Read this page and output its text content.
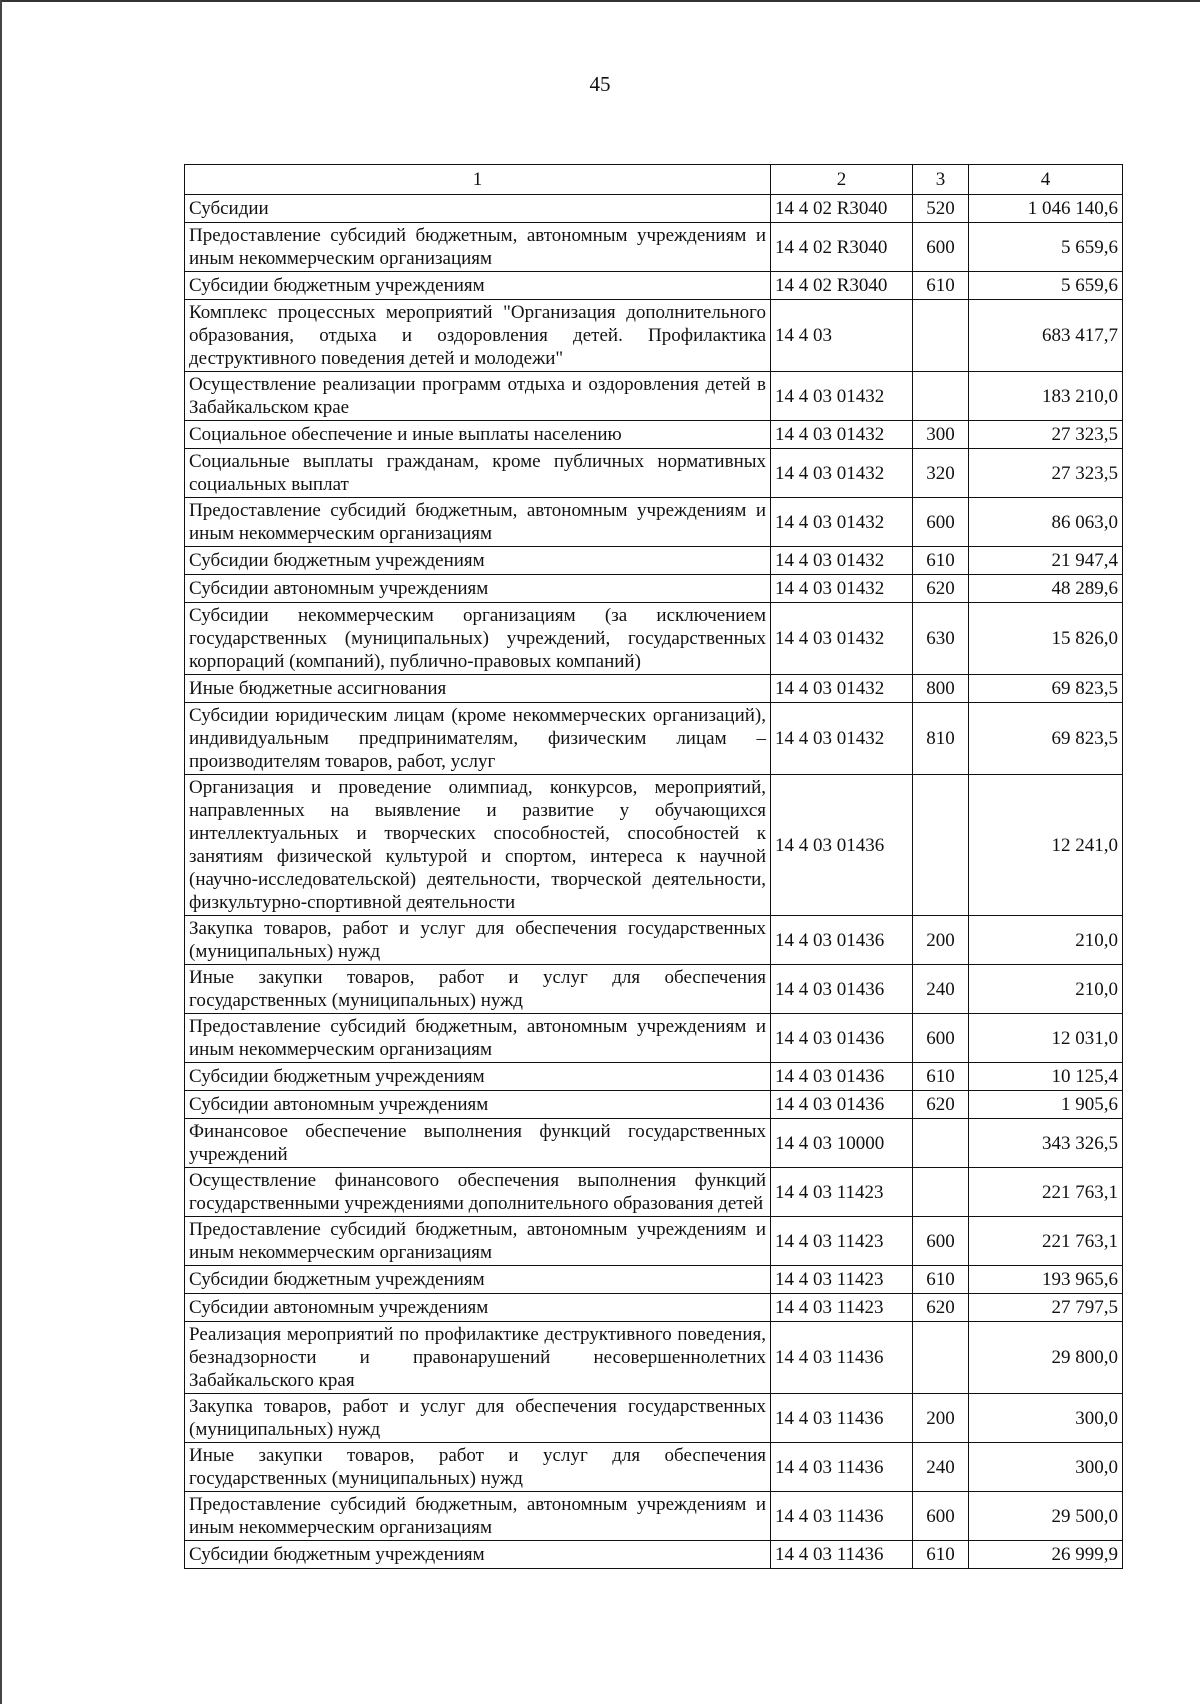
45
1	2	3	4
Субсидии	14 4 02 R3040	520	1 046 140,6
Предоставление субсидий бюджетным, автономным учреждениям и иным некоммерческим организациям	14 4 02 R3040	600	5 659,6
Субсидии бюджетным учреждениям	14 4 02 R3040	610	5 659,6
Комплекс процессных мероприятий "Организация дополнительного образования, отдыха и оздоровления детей. Профилактика деструктивного поведения детей и молодежи"	14 4 03		683 417,7
Осуществление реализации программ отдыха и оздоровления детей в Забайкальском крае	14 4 03 01432		183 210,0
Социальное обеспечение и иные выплаты населению	14 4 03 01432	300	27 323,5
Социальные выплаты гражданам, кроме публичных нормативных социальных выплат	14 4 03 01432	320	27 323,5
Предоставление субсидий бюджетным, автономным учреждениям и иным некоммерческим организациям	14 4 03 01432	600	86 063,0
Субсидии бюджетным учреждениям	14 4 03 01432	610	21 947,4
Субсидии автономным учреждениям	14 4 03 01432	620	48 289,6
Субсидии некоммерческим организациям (за исключением государственных (муниципальных) учреждений, государственных корпораций (компаний), публично-правовых компаний)	14 4 03 01432	630	15 826,0
Иные бюджетные ассигнования	14 4 03 01432	800	69 823,5
Субсидии юридическим лицам (кроме некоммерческих организаций), индивидуальным предпринимателям, физическим лицам – производителям товаров, работ, услуг	14 4 03 01432	810	69 823,5
Организация и проведение олимпиад, конкурсов, мероприятий, направленных на выявление и развитие у обучающихся интеллектуальных и творческих способностей, способностей к занятиям физической культурой и спортом, интереса к научной (научно-исследовательской) деятельности, творческой деятельности, физкультурно-спортивной деятельности	14 4 03 01436		12 241,0
Закупка товаров, работ и услуг для обеспечения государственных (муниципальных) нужд	14 4 03 01436	200	210,0
Иные закупки товаров, работ и услуг для обеспечения государственных (муниципальных) нужд	14 4 03 01436	240	210,0
Предоставление субсидий бюджетным, автономным учреждениям и иным некоммерческим организациям	14 4 03 01436	600	12 031,0
Субсидии бюджетным учреждениям	14 4 03 01436	610	10 125,4
Субсидии автономным учреждениям	14 4 03 01436	620	1 905,6
Финансовое обеспечение выполнения функций государственных учреждений	14 4 03 10000		343 326,5
Осуществление финансового обеспечения выполнения функций государственными учреждениями дополнительного образования детей	14 4 03 11423		221 763,1
Предоставление субсидий бюджетным, автономным учреждениям и иным некоммерческим организациям	14 4 03 11423	600	221 763,1
Субсидии бюджетным учреждениям	14 4 03 11423	610	193 965,6
Субсидии автономным учреждениям	14 4 03 11423	620	27 797,5
Реализация мероприятий по профилактике деструктивного поведения, безнадзорности и правонарушений несовершеннолетних Забайкальского края	14 4 03 11436		29 800,0
Закупка товаров, работ и услуг для обеспечения государственных (муниципальных) нужд	14 4 03 11436	200	300,0
Иные закупки товаров, работ и услуг для обеспечения государственных (муниципальных) нужд	14 4 03 11436	240	300,0
Предоставление субсидий бюджетным, автономным учреждениям и иным некоммерческим организациям	14 4 03 11436	600	29 500,0
Субсидии бюджетным учреждениям	14 4 03 11436	610	26 999,9
